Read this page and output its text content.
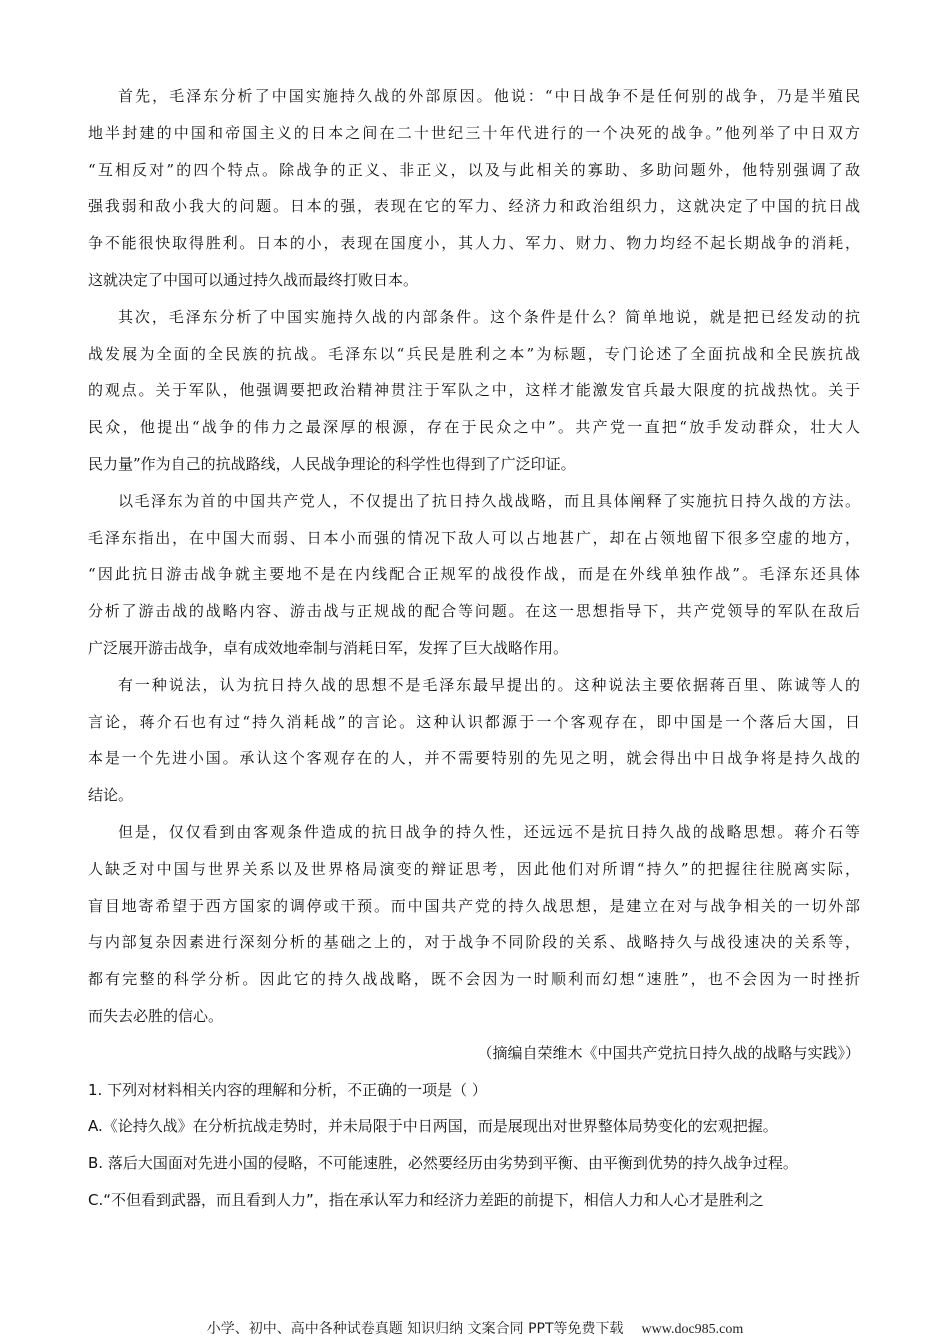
首先，毛泽东分析了中国实施持久战的外部原因。他说：“中日战争不是任何别的战争，乃是半殖民
地半封建的中国和帝国主义的日本之间在二十世纪三十年代进行的一个决死的战争。”他列举了中日双方
“互相反对”的四个特点。除战争的正义、非正义，以及与此相关的寡助、多助问题外，他特别强调了敌
强我弱和敌小我大的问题。日本的强，表现在它的军力、经济力和政治组织力，这就决定了中国的抗日战
争不能很快取得胜利。日本的小，表现在国度小，其人力、军力、财力、物力均经不起长期战争的消耗，
这就决定了中国可以通过持久战而最终打败日本。

其次，毛泽东分析了中国实施持久战的内部条件。这个条件是什么？简单地说，就是把已经发动的抗
战发展为全面的全民族的抗战。毛泽东以“兵民是胜利之本”为标题，专门论述了全面抗战和全民族抗战
的观点。关于军队，他强调要把政治精神贯注于军队之中，这样才能激发官兵最大限度的抗战热忱。关于
民众，他提出“战争的伟力之最深厚的根源，存在于民众之中”。共产党一直把“放手发动群众，壮大人
民力量”作为自己的抗战路线，人民战争理论的科学性也得到了广泛印证。

以毛泽东为首的中国共产党人，不仅提出了抗日持久战战略，而且具体阐释了实施抗日持久战的方法。
毛泽东指出，在中国大而弱、日本小而强的情况下敌人可以占地甚广，却在占领地留下很多空虚的地方，
“因此抗日游击战争就主要地不是在内线配合正规军的战役作战，而是在外线单独作战”。毛泽东还具体
分析了游击战的战略内容、游击战与正规战的配合等问题。在这一思想指导下，共产党领导的军队在敌后
广泛展开游击战争，卓有成效地牵制与消耗日军，发挥了巨大战略作用。

有一种说法，认为抗日持久战的思想不是毛泽东最早提出的。这种说法主要依据蒋百里、陈诚等人的
言论，蒋介石也有过“持久消耗战”的言论。这种认识都源于一个客观存在，即中国是一个落后大国，日
本是一个先进小国。承认这个客观存在的人，并不需要特别的先见之明，就会得出中日战争将是持久战的
结论。

但是，仅仅看到由客观条件造成的抗日战争的持久性，还远远不是抗日持久战的战略思想。蒋介石等
人缺乏对中国与世界关系以及世界格局演变的辩证思考，因此他们对所谓“持久”的把握往往脱离实际，
盲目地寄希望于西方国家的调停或干预。而中国共产党的持久战思想，是建立在对与战争相关的一切外部
与内部复杂因素进行深刻分析的基础之上的，对于战争不同阶段的关系、战略持久与战役速决的关系等，
都有完整的科学分析。因此它的持久战战略，既不会因为一时顺利而幻想“速胜”，也不会因为一时挫折
而失去必胜的信心。

（摘编自荣维木《中国共产党抗日持久战的战略与实践》）

1. 下列对材料相关内容的理解和分析，不正确的一项是（ ）
A.《论持久战》在分析抗战走势时，并未局限于中日两国，而是展现出对世界整体局势变化的宏观把握。
B. 落后大国面对先进小国的侵略，不可能速胜，必然要经历由劣势到平衡、由平衡到优势的持久战争过程。
C.“不但看到武器，而且看到人力”，指在承认军力和经济力差距的前提下，相信人力和人心才是胜利之
小学、初中、高中各种试卷真题 知识归纳 文案合同 PPT等免费下载 www.doc985.com
